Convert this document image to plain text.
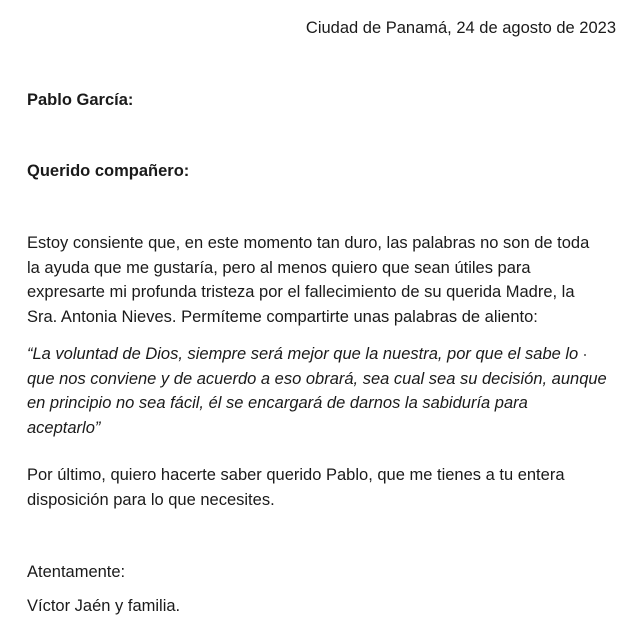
Ciudad de Panamá, 24 de agosto de 2023
Pablo García:
Querido compañero:
Estoy consiente que, en este momento tan duro, las palabras no son de toda
la ayuda que me gustaría, pero al menos quiero que sean útiles para
expresarte mi profunda tristeza por el fallecimiento de su querida Madre, la
Sra. Antonia Nieves. Permíteme compartirte unas palabras de aliento:
“La voluntad de Dios, siempre será mejor que la nuestra, por que el sabe lo
que nos conviene y de acuerdo a eso obrará, sea cual sea su decisión, aunque
en principio no sea fácil, él se encargará de darnos la sabiduría para
aceptarlo”
Por último, quiero hacerte saber querido Pablo, que me tienes a tu entera
disposición para lo que necesites.
Atentamente:
Víctor Jaén y familia.
